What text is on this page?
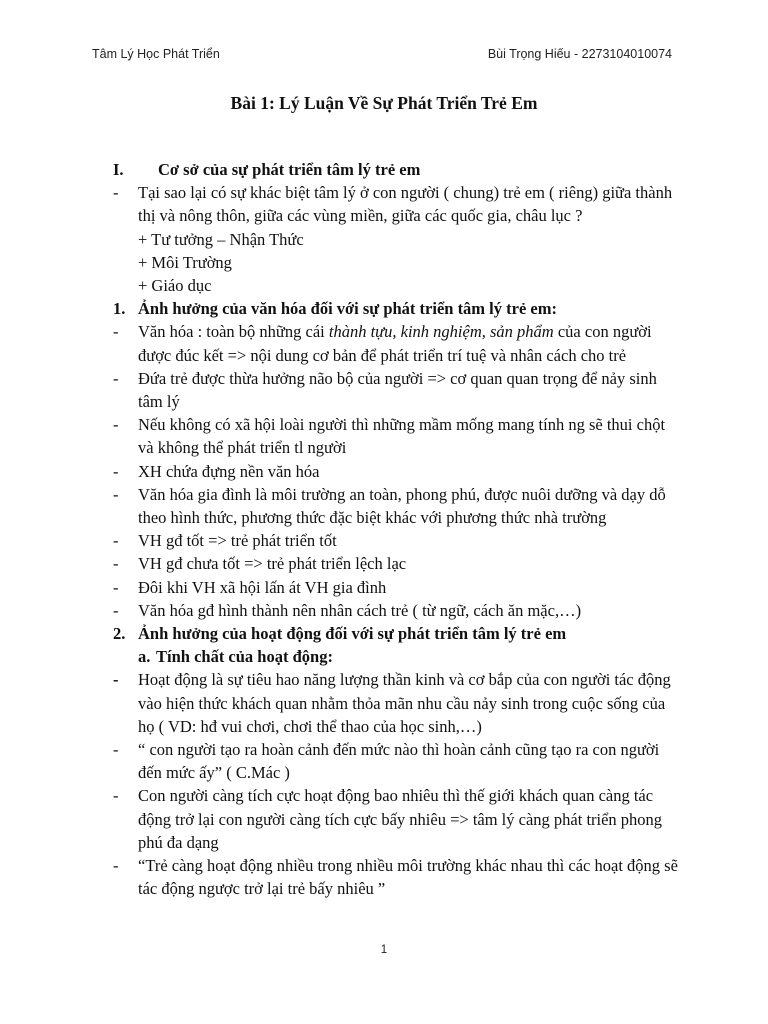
Tâm Lý Học Phát Triển	Bùi Trọng Hiếu - 2273104010074
Bài 1: Lý Luận Về Sự Phát Triển Trẻ Em
I.	Cơ sở của sự phát triển tâm lý trẻ em
-	Tại sao lại có sự khác biệt tâm lý ở con người ( chung) trẻ em ( riêng) giữa thành thị và nông thôn, giữa các vùng miền, giữa các quốc gia, châu lục ?
+ Tư tưởng – Nhận Thức
+ Môi Trường
+ Giáo dục
1. Ảnh hưởng của văn hóa đối với sự phát triển tâm lý trẻ em:
-	Văn hóa : toàn bộ những cái thành tựu, kinh nghiệm, sản phẩm của con người được đúc kết => nội dung cơ bản để phát triển trí tuệ và nhân cách cho trẻ
-	Đứa trẻ được thừa hưởng não bộ của người => cơ quan quan trọng để nảy sinh tâm lý
-	Nếu không có xã hội loài người thì những mầm mống mang tính ng sẽ thui chột và không thể phát triển tl người
-	XH chứa đựng nền văn hóa
-	Văn hóa gia đình là môi trường an toàn, phong phú, được nuôi dưỡng và dạy dỗ theo hình thức, phương thức đặc biệt khác với phương thức nhà trường
-	VH gđ tốt => trẻ phát triển tốt
-	VH gđ chưa tốt => trẻ phát triển lệch lạc
-	Đôi khi VH xã hội lấn át VH gia đình
-	Văn hóa gđ hình thành nên nhân cách trẻ ( từ ngữ, cách ăn mặc,…)
2. Ảnh hưởng của hoạt động đối với sự phát triển tâm lý trẻ em
a. Tính chất của hoạt động:
-	Hoạt động là sự tiêu hao năng lượng thần kinh và cơ bắp của con người tác động vào hiện thức khách quan nhằm thỏa mãn nhu cầu nảy sinh trong cuộc sống của họ ( VD: hđ vui chơi, chơi thể thao của học sinh,…)
-	“ con người tạo ra hoàn cảnh đến mức nào thì hoàn cảnh cũng tạo ra con người đến mức ấy” ( C.Mác )
-	Con người càng tích cực hoạt động bao nhiêu thì thế giới khách quan càng tác động trở lại con người càng tích cực bấy nhiêu => tâm lý càng phát triển phong phú đa dạng
-	“Trẻ càng hoạt động nhiều trong nhiều môi trường khác nhau thì các hoạt động sẽ tác động ngược trở lại trẻ bấy nhiêu ”
1
